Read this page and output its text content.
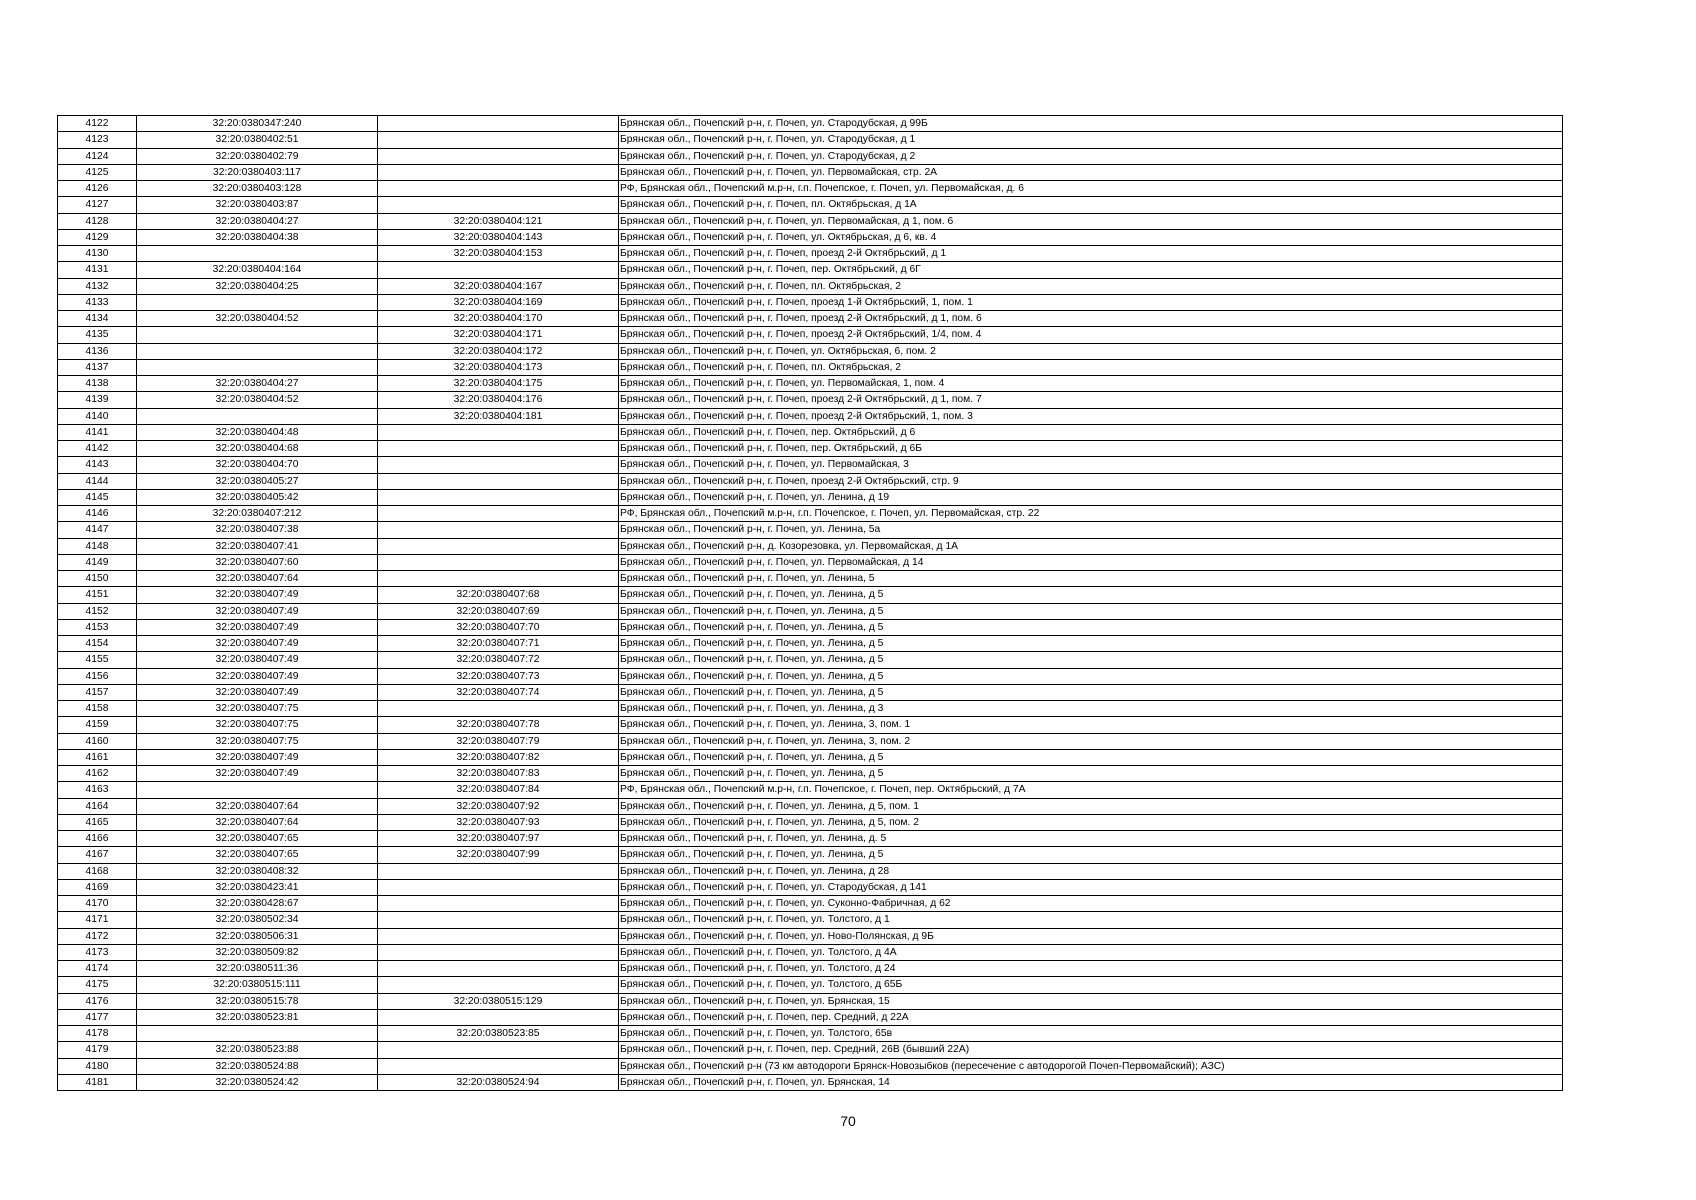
4122	32:20:0380347:240		Брянская обл., Почепский р-н, г. Почеп, ул. Стародубская, д 99Б
4123	32:20:0380402:51		Брянская обл., Почепский р-н, г. Почеп, ул. Стародубская, д 1
4124	32:20:0380402:79		Брянская обл., Почепский р-н, г. Почеп, ул. Стародубская, д 2
4125	32:20:0380403:117		Брянская обл., Почепский р-н, г. Почеп, ул. Первомайская, стр. 2А
4126	32:20:0380403:128		РФ, Брянская обл., Почепский м.р-н, г.п. Почепское, г. Почеп, ул. Первомайская, д. 6
4127	32:20:0380403:87		Брянская обл., Почепский р-н, г. Почеп, пл. Октябрьская, д 1А
4128	32:20:0380404:27	32:20:0380404:121	Брянская обл., Почепский р-н, г. Почеп, ул. Первомайская, д 1, пом. 6
4129	32:20:0380404:38	32:20:0380404:143	Брянская обл., Почепский р-н, г. Почеп, ул. Октябрьская, д 6, кв. 4
4130		32:20:0380404:153	Брянская обл., Почепский р-н, г. Почеп, проезд 2-й Октябрьский, д 1
4131	32:20:0380404:164		Брянская обл., Почепский р-н, г. Почеп, пер. Октябрьский, д 6Г
4132	32:20:0380404:25	32:20:0380404:167	Брянская обл., Почепский р-н, г. Почеп, пл. Октябрьская, 2
4133		32:20:0380404:169	Брянская обл., Почепский р-н, г. Почеп, проезд 1-й Октябрьский, 1, пом. 1
4134	32:20:0380404:52	32:20:0380404:170	Брянская обл., Почепский р-н, г. Почеп, проезд 2-й Октябрьский, д 1, пом. 6
4135		32:20:0380404:171	Брянская обл., Почепский р-н, г. Почеп, проезд 2-й Октябрьский, 1/4, пом. 4
4136		32:20:0380404:172	Брянская обл., Почепский р-н, г. Почеп, ул. Октябрьская, 6, пом. 2
4137		32:20:0380404:173	Брянская обл., Почепский р-н, г. Почеп, пл. Октябрьская, 2
4138	32:20:0380404:27	32:20:0380404:175	Брянская обл., Почепский р-н, г. Почеп, ул. Первомайская, 1, пом. 4
4139	32:20:0380404:52	32:20:0380404:176	Брянская обл., Почепский р-н, г. Почеп, проезд 2-й Октябрьский, д 1, пом. 7
4140		32:20:0380404:181	Брянская обл., Почепский р-н, г. Почеп, проезд 2-й Октябрьский, 1, пом. 3
4141	32:20:0380404:48		Брянская обл., Почепский р-н, г. Почеп, пер. Октябрьский, д 6
4142	32:20:0380404:68		Брянская обл., Почепский р-н, г. Почеп, пер. Октябрьский, д 6Б
4143	32:20:0380404:70		Брянская обл., Почепский р-н, г. Почеп, ул. Первомайская, 3
4144	32:20:0380405:27		Брянская обл., Почепский р-н, г. Почеп, проезд 2-й Октябрьский, стр. 9
4145	32:20:0380405:42		Брянская обл., Почепский р-н, г. Почеп, ул. Ленина, д 19
4146	32:20:0380407:212		РФ, Брянская обл., Почепский м.р-н, г.п. Почепское, г. Почеп, ул. Первомайская, стр. 22
4147	32:20:0380407:38		Брянская обл., Почепский р-н, г. Почеп, ул. Ленина, 5а
4148	32:20:0380407:41		Брянская обл., Почепский р-н, д. Козорезовка, ул. Первомайская, д 1А
4149	32:20:0380407:60		Брянская обл., Почепский р-н, г. Почеп, ул. Первомайская, д 14
4150	32:20:0380407:64		Брянская обл., Почепский р-н, г. Почеп, ул. Ленина, 5
4151	32:20:0380407:49	32:20:0380407:68	Брянская обл., Почепский р-н, г. Почеп, ул. Ленина, д 5
4152	32:20:0380407:49	32:20:0380407:69	Брянская обл., Почепский р-н, г. Почеп, ул. Ленина, д 5
4153	32:20:0380407:49	32:20:0380407:70	Брянская обл., Почепский р-н, г. Почеп, ул. Ленина, д 5
4154	32:20:0380407:49	32:20:0380407:71	Брянская обл., Почепский р-н, г. Почеп, ул. Ленина, д 5
4155	32:20:0380407:49	32:20:0380407:72	Брянская обл., Почепский р-н, г. Почеп, ул. Ленина, д 5
4156	32:20:0380407:49	32:20:0380407:73	Брянская обл., Почепский р-н, г. Почеп, ул. Ленина, д 5
4157	32:20:0380407:49	32:20:0380407:74	Брянская обл., Почепский р-н, г. Почеп, ул. Ленина, д 5
4158	32:20:0380407:75		Брянская обл., Почепский р-н, г. Почеп, ул. Ленина, д 3
4159	32:20:0380407:75	32:20:0380407:78	Брянская обл., Почепский р-н, г. Почеп, ул. Ленина, 3, пом. 1
4160	32:20:0380407:75	32:20:0380407:79	Брянская обл., Почепский р-н, г. Почеп, ул. Ленина, 3, пом. 2
4161	32:20:0380407:49	32:20:0380407:82	Брянская обл., Почепский р-н, г. Почеп, ул. Ленина, д 5
4162	32:20:0380407:49	32:20:0380407:83	Брянская обл., Почепский р-н, г. Почеп, ул. Ленина, д 5
4163		32:20:0380407:84	РФ, Брянская обл., Почепский м.р-н, г.п. Почепское, г. Почеп, пер. Октябрьский, д 7А
4164	32:20:0380407:64	32:20:0380407:92	Брянская обл., Почепский р-н, г. Почеп, ул. Ленина, д 5, пом. 1
4165	32:20:0380407:64	32:20:0380407:93	Брянская обл., Почепский р-н, г. Почеп, ул. Ленина, д 5, пом. 2
4166	32:20:0380407:65	32:20:0380407:97	Брянская обл., Почепский р-н, г. Почеп, ул. Ленина, д. 5
4167	32:20:0380407:65	32:20:0380407:99	Брянская обл., Почепский р-н, г. Почеп, ул. Ленина, д 5
4168	32:20:0380408:32		Брянская обл., Почепский р-н, г. Почеп, ул. Ленина, д 28
4169	32:20:0380423:41		Брянская обл., Почепский р-н, г. Почеп, ул. Стародубская, д 141
4170	32:20:0380428:67		Брянская обл., Почепский р-н, г. Почеп, ул. Суконно-Фабричная, д 62
4171	32:20:0380502:34		Брянская обл., Почепский р-н, г. Почеп, ул. Толстого, д 1
4172	32:20:0380506:31		Брянская обл., Почепский р-н, г. Почеп, ул. Ново-Полянская, д 9Б
4173	32:20:0380509:82		Брянская обл., Почепский р-н, г. Почеп, ул. Толстого, д 4А
4174	32:20:0380511:36		Брянская обл., Почепский р-н, г. Почеп, ул. Толстого, д 24
4175	32:20:0380515:111		Брянская обл., Почепский р-н, г. Почеп, ул. Толстого, д 65Б
4176	32:20:0380515:78	32:20:0380515:129	Брянская обл., Почепский р-н, г. Почеп, ул. Брянская, 15
4177	32:20:0380523:81		Брянская обл., Почепский р-н, г. Почеп, пер. Средний, д 22А
4178		32:20:0380523:85	Брянская обл., Почепский р-н, г. Почеп, ул. Толстого, 65в
4179	32:20:0380523:88		Брянская обл., Почепский р-н, г. Почеп, пер. Средний, 26В (бывший 22А)
4180	32:20:0380524:88		Брянская обл., Почепский р-н (73 км автодороги Брянск-Новозыбков (пересечение с автодорогой Почеп-Первомайский); АЗС)
4181	32:20:0380524:42	32:20:0380524:94	Брянская обл., Почепский р-н, г. Почеп, ул. Брянская, 14
70
